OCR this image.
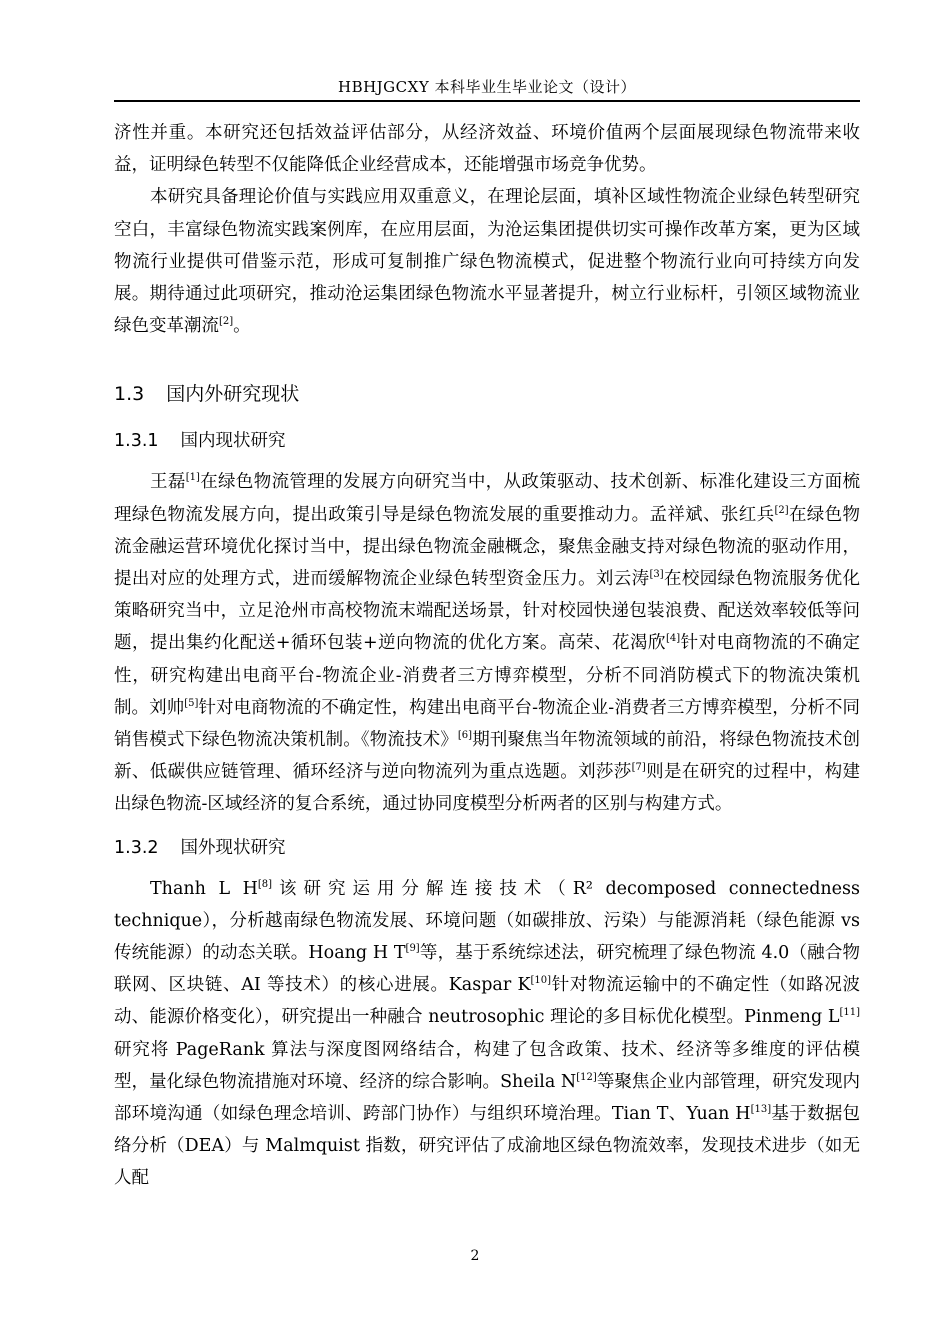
HBHJGCXY 本科毕业生毕业论文（设计）

济性并重。本研究还包括效益评估部分，从经济效益、环境价值两个层面展现绿色物流带来收益，证明绿色转型不仅能降低企业经营成本，还能增强市场竞争优势。

本研究具备理论价值与实践应用双重意义，在理论层面，填补区域性物流企业绿色转型研究空白，丰富绿色物流实践案例库，在应用层面，为沧运集团提供切实可操作改革方案，更为区域物流行业提供可借鉴示范，形成可复制推广绿色物流模式，促进整个物流行业向可持续方向发展。期待通过此项研究，推动沧运集团绿色物流水平显著提升，树立行业标杆，引领区域物流业绿色变革潮流[2]。

1.3 国内外研究现状
1.3.1 国内现状研究

王磊[1]在绿色物流管理的发展方向研究当中，从政策驱动、技术创新、标准化建设三方面梳理绿色物流发展方向，提出政策引导是绿色物流发展的重要推动力。孟祥斌、张红兵[2]在绿色物流金融运营环境优化探讨当中，提出绿色物流金融概念，聚焦金融支持对绿色物流的驱动作用，提出对应的处理方式，进而缓解物流企业绿色转型资金压力。刘云涛[3]在校园绿色物流服务优化策略研究当中，立足沧州市高校物流末端配送场景，针对校园快递包装浪费、配送效率较低等问题，提出集约化配送+循环包装+逆向物流的优化方案。高荣、花渴欣[4]针对电商物流的不确定性，研究构建出电商平台-物流企业-消费者三方博弈模型，分析不同消防模式下的物流决策机制。刘帅[5]针对电商物流的不确定性，构建出电商平台-物流企业-消费者三方博弈模型，分析不同销售模式下绿色物流决策机制。《物流技术》[6]期刊聚焦当年物流领域的前沿，将绿色物流技术创新、低碳供应链管理、循环经济与逆向物流列为重点选题。刘莎莎[7]则是在研究的过程中，构建出绿色物流-区域经济的复合系统，通过协同度模型分析两者的区别与构建方式。

1.3.2 国外现状研究

Thanh L H[8]该研究运用分解连接技术（R² decomposed connectedness technique），分析越南绿色物流发展、环境问题（如碳排放、污染）与能源消耗（绿色能源 vs 传统能源）的动态关联。Hoang H T[9]等，基于系统综述法，研究梳理了绿色物流 4.0（融合物联网、区块链、AI 等技术）的核心进展。Kaspar K[10]针对物流运输中的不确定性（如路况波动、能源价格变化），研究提出一种融合 neutrosophic 理论的多目标优化模型。Pinmeng L[11]研究将 PageRank 算法与深度图网络结合，构建了包含政策、技术、经济等多维度的评估模型，量化绿色物流措施对环境、经济的综合影响。Sheila N[12]等聚焦企业内部管理，研究发现内部环境沟通（如绿色理念培训、跨部门协作）与组织环境治理。Tian T、Yuan H[13]基于数据包络分析（DEA）与 Malmquist 指数，研究评估了成渝地区绿色物流效率，发现技术进步（如无人配

2
